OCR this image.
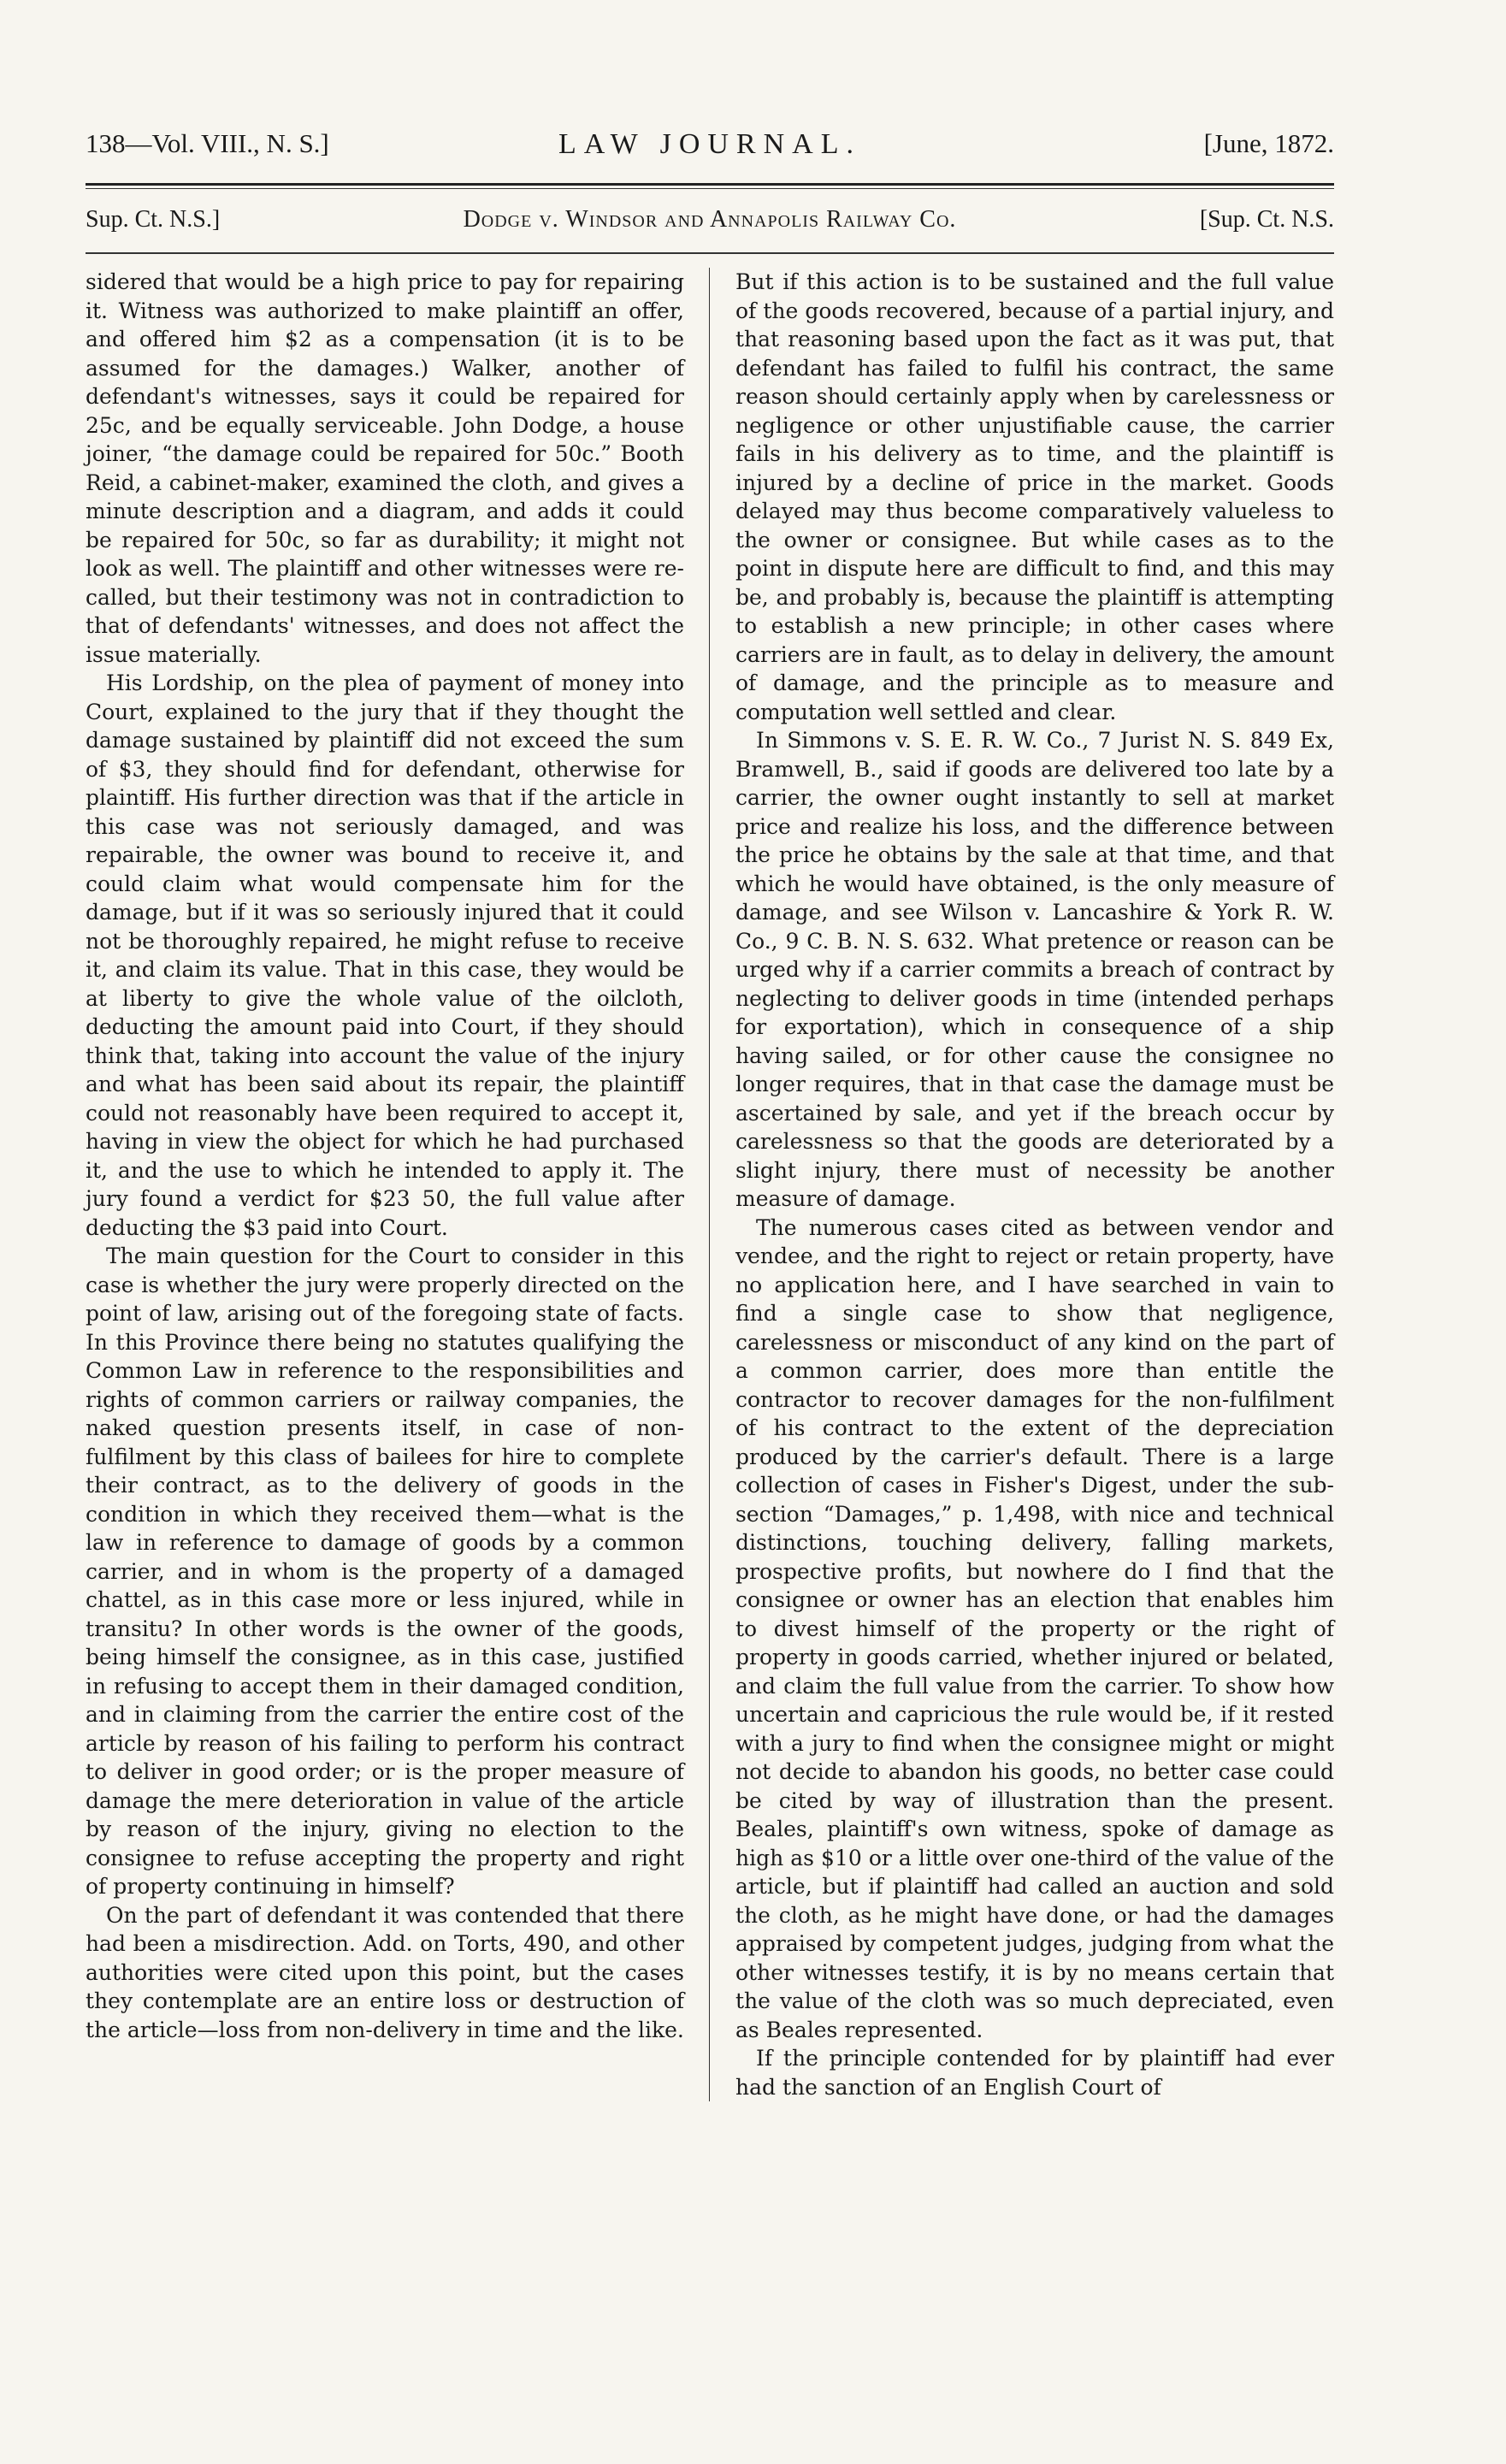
138—Vol. VIII., N. S.]	LAW JOURNAL.	[June, 1872.
Sup. Ct. N.S.]	Dodge v. Windsor and Annapolis Railway Co.	[Sup. Ct. N.S.

sidered that would be a high price to pay for repairing it. Witness was authorized to make plaintiff an offer, and offered him $2 as a compensation (it is to be assumed for the damages.) Walker, another of defendant's witnesses, says it could be repaired for 25c, and be equally serviceable. John Dodge, a house joiner, “the damage could be repaired for 50c.” Booth Reid, a cabinet-maker, examined the cloth, and gives a minute description and a diagram, and adds it could be repaired for 50c, so far as durability; it might not look as well. The plaintiff and other witnesses were re-called, but their testimony was not in contradiction to that of defendants' witnesses, and does not affect the issue materially.

His Lordship, on the plea of payment of money into Court, explained to the jury that if they thought the damage sustained by plaintiff did not exceed the sum of $3, they should find for defendant, otherwise for plaintiff. His further direction was that if the article in this case was not seriously damaged, and was repairable, the owner was bound to receive it, and could claim what would compensate him for the damage, but if it was so seriously injured that it could not be thoroughly repaired, he might refuse to receive it, and claim its value. That in this case, they would be at liberty to give the whole value of the oilcloth, deducting the amount paid into Court, if they should think that, taking into account the value of the injury and what has been said about its repair, the plaintiff could not reasonably have been required to accept it, having in view the object for which he had purchased it, and the use to which he intended to apply it. The jury found a verdict for $23 50, the full value after deducting the $3 paid into Court.

The main question for the Court to consider in this case is whether the jury were properly directed on the point of law, arising out of the foregoing state of facts. In this Province there being no statutes qualifying the Common Law in reference to the responsibilities and rights of common carriers or railway companies, the naked question presents itself, in case of non-fulfilment by this class of bailees for hire to complete their contract, as to the delivery of goods in the condition in which they received them—what is the law in reference to damage of goods by a common carrier, and in whom is the property of a damaged chattel, as in this case more or less injured, while in transitu? In other words is the owner of the goods, being himself the consignee, as in this case, justified in refusing to accept them in their damaged condition, and in claiming from the carrier the entire cost of the article by reason of his failing to perform his contract to deliver in good order; or is the proper measure of damage the mere deterioration in value of the article by reason of the injury, giving no election to the consignee to refuse accepting the property and right of property continuing in himself?

On the part of defendant it was contended that there had been a misdirection. Add. on Torts, 490, and other authorities were cited upon this point, but the cases they contemplate are an entire loss or destruction of the article—loss from non-delivery in time and the like.

But if this action is to be sustained and the full value of the goods recovered, because of a partial injury, and that reasoning based upon the fact as it was put, that defendant has failed to fulfil his contract, the same reason should certainly apply when by carelessness or negligence or other unjustifiable cause, the carrier fails in his delivery as to time, and the plaintiff is injured by a decline of price in the market. Goods delayed may thus become comparatively valueless to the owner or consignee. But while cases as to the point in dispute here are difficult to find, and this may be, and probably is, because the plaintiff is attempting to establish a new principle; in other cases where carriers are in fault, as to delay in delivery, the amount of damage, and the principle as to measure and computation well settled and clear.

In Simmons v. S. E. R. W. Co., 7 Jurist N. S. 849 Ex, Bramwell, B., said if goods are delivered too late by a carrier, the owner ought instantly to sell at market price and realize his loss, and the difference between the price he obtains by the sale at that time, and that which he would have obtained, is the only measure of damage, and see Wilson v. Lancashire & York R. W. Co., 9 C. B. N. S. 632. What pretence or reason can be urged why if a carrier commits a breach of contract by neglecting to deliver goods in time (intended perhaps for exportation), which in consequence of a ship having sailed, or for other cause the consignee no longer requires, that in that case the damage must be ascertained by sale, and yet if the breach occur by carelessness so that the goods are deteriorated by a slight injury, there must of necessity be another measure of damage.

The numerous cases cited as between vendor and vendee, and the right to reject or retain property, have no application here, and I have searched in vain to find a single case to show that negligence, carelessness or misconduct of any kind on the part of a common carrier, does more than entitle the contractor to recover damages for the non-fulfilment of his contract to the extent of the depreciation produced by the carrier's default. There is a large collection of cases in Fisher's Digest, under the sub-section “Damages,” p. 1,498, with nice and technical distinctions, touching delivery, falling markets, prospective profits, but nowhere do I find that the consignee or owner has an election that enables him to divest himself of the property or the right of property in goods carried, whether injured or belated, and claim the full value from the carrier. To show how uncertain and capricious the rule would be, if it rested with a jury to find when the consignee might or might not decide to abandon his goods, no better case could be cited by way of illustration than the present. Beales, plaintiff's own witness, spoke of damage as high as $10 or a little over one-third of the value of the article, but if plaintiff had called an auction and sold the cloth, as he might have done, or had the damages appraised by competent judges, judging from what the other witnesses testify, it is by no means certain that the value of the cloth was so much depreciated, even as Beales represented.

If the principle contended for by plaintiff had ever had the sanction of an English Court of
